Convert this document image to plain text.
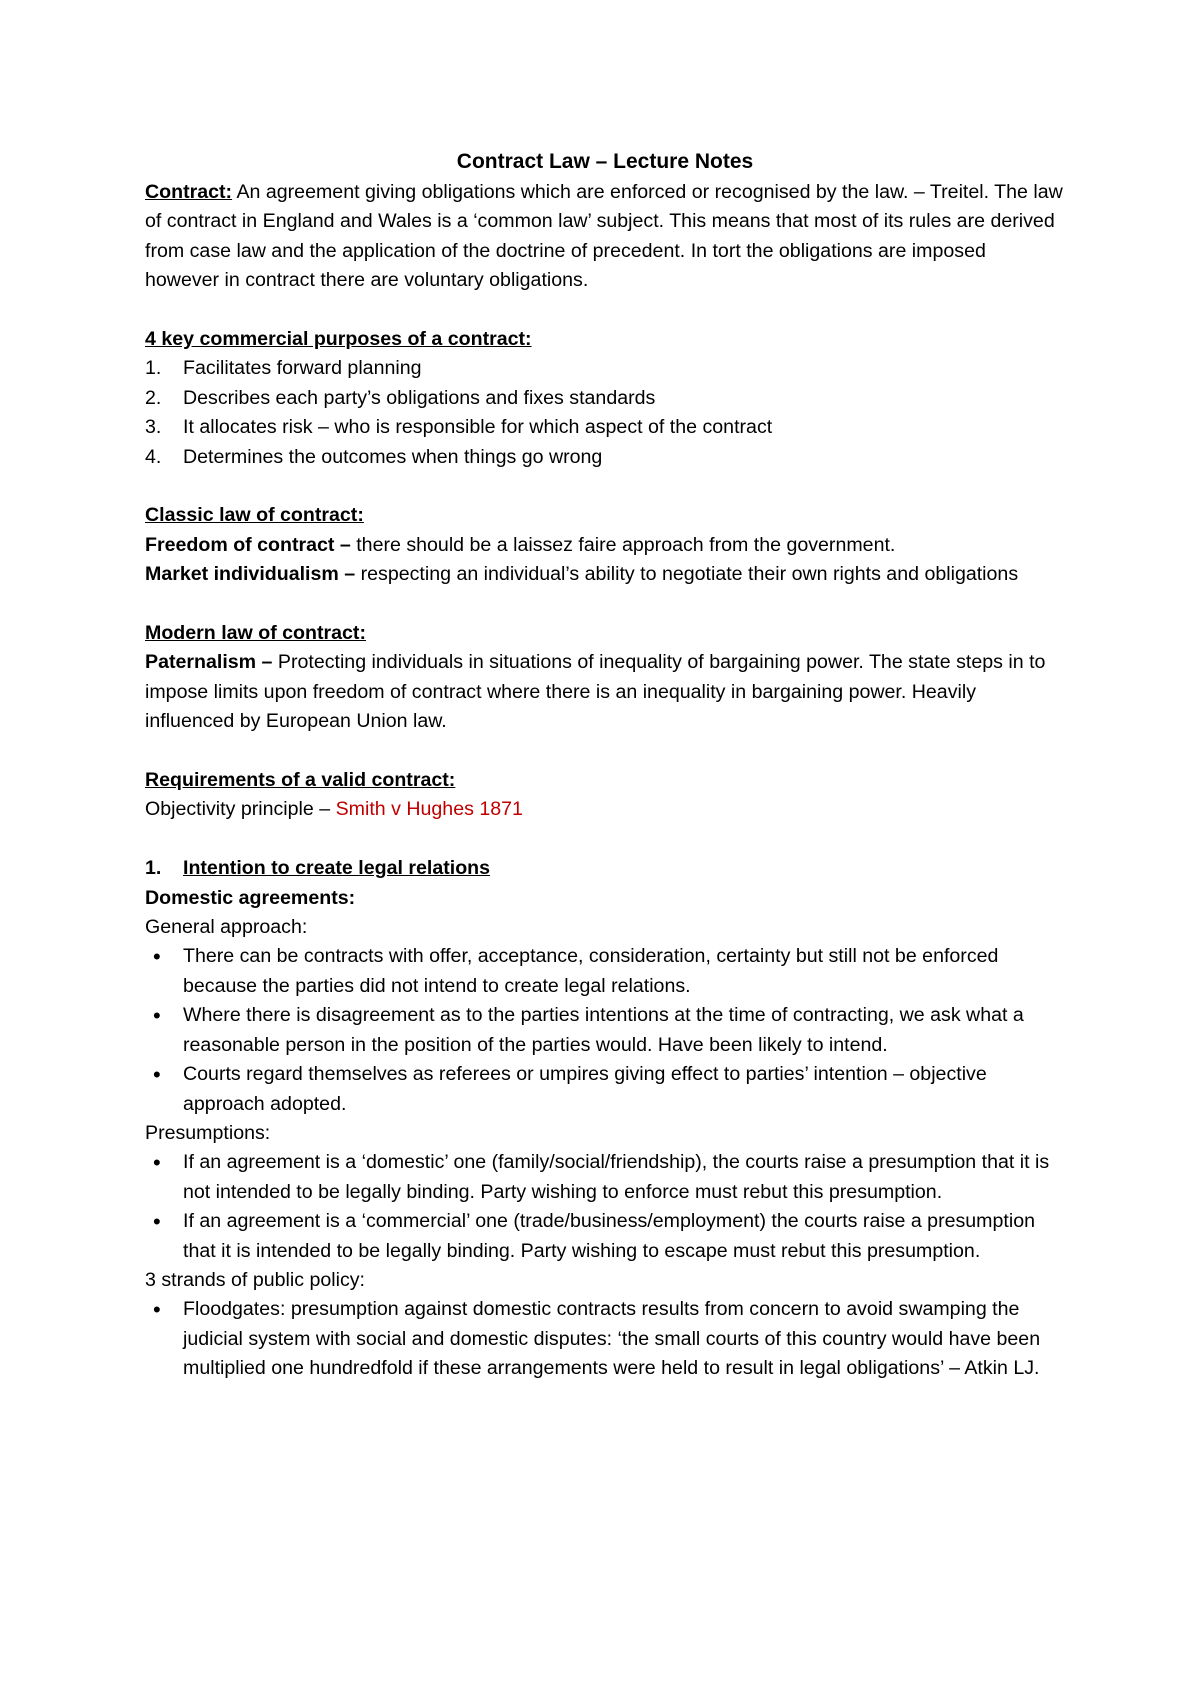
Contract Law – Lecture Notes

Contract: An agreement giving obligations which are enforced or recognised by the law. – Treitel. The law of contract in England and Wales is a ‘common law’ subject. This means that most of its rules are derived from case law and the application of the doctrine of precedent. In tort the obligations are imposed however in contract there are voluntary obligations.

4 key commercial purposes of a contract:

1.	Facilitates forward planning
2.	Describes each party’s obligations and fixes standards
3.	It allocates risk – who is responsible for which aspect of the contract
4.	Determines the outcomes when things go wrong

Classic law of contract:

Freedom of contract – there should be a laissez faire approach from the government.

Market individualism – respecting an individual’s ability to negotiate their own rights and obligations

Modern law of contract:

Paternalism – Protecting individuals in situations of inequality of bargaining power. The state steps in to impose limits upon freedom of contract where there is an inequality in bargaining power. Heavily influenced by European Union law.

Requirements of a valid contract:

Objectivity principle – Smith v Hughes 1871

1.	Intention to create legal relations

Domestic agreements:

General approach:

•	There can be contracts with offer, acceptance, consideration, certainty but still not be enforced because the parties did not intend to create legal relations.
•	Where there is disagreement as to the parties intentions at the time of contracting, we ask what a reasonable person in the position of the parties would. Have been likely to intend.
•	Courts regard themselves as referees or umpires giving effect to parties’ intention – objective approach adopted.

Presumptions:

•	If an agreement is a ‘domestic’ one (family/social/friendship), the courts raise a presumption that it is not intended to be legally binding. Party wishing to enforce must rebut this presumption.
•	If an agreement is a ‘commercial’ one (trade/business/employment) the courts raise a presumption that it is intended to be legally binding. Party wishing to escape must rebut this presumption.

3 strands of public policy:

•	Floodgates: presumption against domestic contracts results from concern to avoid swamping the judicial system with social and domestic disputes: ‘the small courts of this country would have been multiplied one hundredfold if these arrangements were held to result in legal obligations’ – Atkin LJ.
